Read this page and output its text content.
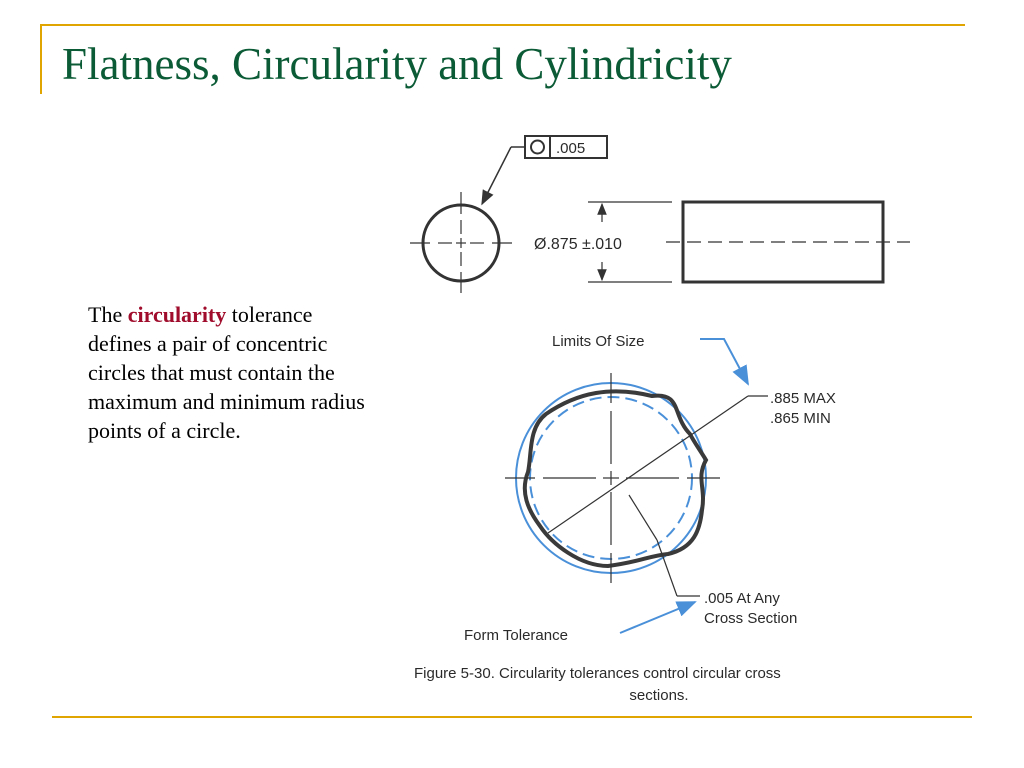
Flatness, Circularity and Cylindricity
The circularity tolerance defines a pair of concentric circles that must contain the maximum and minimum radius points of a circle.
.005
Ø.875 ±.010
Limits Of Size
.885 MAX
.865 MIN
.005 At Any
Cross Section
Form Tolerance
Figure 5-30. Circularity tolerances control circular cross
sections.
